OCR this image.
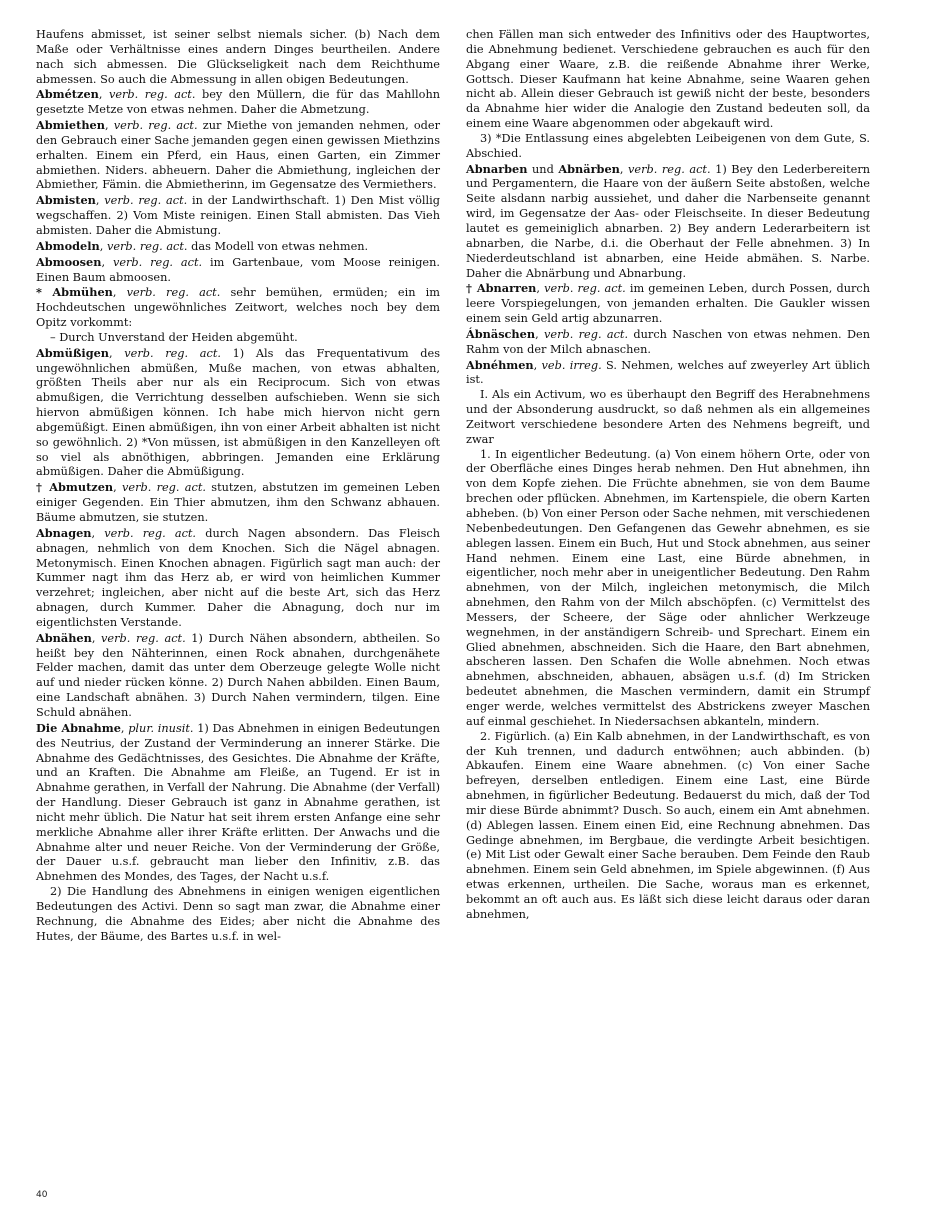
Haufens abmisset, ist seiner selbst niemals sicher. (b) Nach dem Maße oder Verhältnisse eines andern Dinges beurtheilen. Andere nach sich abmessen. Die Glückseligkeit nach dem Reichthume abmessen. So auch die Abmessung in allen obigen Bedeutungen.

Abmétzen, verb. reg. act. bey den Müllern, die für das Mahllohn gesetzte Metze von etwas nehmen. Daher die Abmetzung.

Abmiethen, verb. reg. act. zur Miethe von jemanden nehmen, oder den Gebrauch einer Sache jemanden gegen einen gewissen Miethzins erhalten. Einem ein Pferd, ein Haus, einen Garten, ein Zimmer abmiethen. Niders. abheuern. Daher die Abmiethung, ingleichen der Abmiether, Fämin. die Abmietherinn, im Gegensatze des Vermiethers.

Abmisten, verb. reg. act. in der Landwirthschaft. 1) Den Mist völlig wegschaffen. 2) Vom Miste reinigen. Einen Stall abmisten. Das Vieh abmisten. Daher die Abmistung.

Abmodeln, verb. reg. act. das Modell von etwas nehmen.

Abmoosen, verb. reg. act. im Gartenbaue, vom Moose reinigen. Einen Baum abmoosen.

* Abmühen, verb. reg. act. sehr bemühen, ermüden; ein im Hochdeutschen ungewöhnliches Zeitwort, welches noch bey dem Opitz vorkommt:

– Durch Unverstand der Heiden abgemüht.

Abmüßigen, verb. reg. act. 1) Als das Frequentativum des ungewöhnlichen abmüßen, Muße machen, von etwas abhalten, größten Theils aber nur als ein Reciprocum. Sich von etwas abmußigen, die Verrichtung desselben aufschieben. Wenn sie sich hiervon abmüßigen können. Ich habe mich hiervon nicht gern abgemüßigt. Einen abmüßigen, ihn von einer Arbeit abhalten ist nicht so gewöhnlich. 2) *Von müssen, ist abmüßigen in den Kanzelleyen oft so viel als abnöthigen, abbringen. Jemanden eine Erklärung abmüßigen. Daher die Abmüßigung.

† Abmutzen, verb. reg. act. stutzen, abstutzen im gemeinen Leben einiger Gegenden. Ein Thier abmutzen, ihm den Schwanz abhauen. Bäume abmutzen, sie stutzen.

Abnagen, verb. reg. act. durch Nagen absondern. Das Fleisch abnagen, nehmlich von dem Knochen. Sich die Nägel abnagen. Metonymisch. Einen Knochen abnagen. Figürlich sagt man auch: der Kummer nagt ihm das Herz ab, er wird von heimlichen Kummer verzehret; ingleichen, aber nicht auf die beste Art, sich das Herz abnagen, durch Kummer. Daher die Abnagung, doch nur im eigentlichsten Verstande.

Abnähen, verb. reg. act. 1) Durch Nähen absondern, abtheilen. So heißt bey den Nähterinnen, einen Rock abnahen, durchgenähete Felder machen, damit das unter dem Oberzeuge gelegte Wolle nicht auf und nieder rücken könne. 2) Durch Nahen abbilden. Einen Baum, eine Landschaft abnähen. 3) Durch Nahen vermindern, tilgen. Eine Schuld abnähen.

Die Abnahme, plur. inusit. 1) Das Abnehmen in einigen Bedeutungen des Neutrius, der Zustand der Verminderung an innerer Stärke. Die Abnahme des Gedächtnisses, des Gesichtes. Die Abnahme der Kräfte, und an Kraften. Die Abnahme am Fleiße, an Tugend. Er ist in Abnahme gerathen, in Verfall der Nahrung. Die Abnahme (der Verfall) der Handlung. Dieser Gebrauch ist ganz in Abnahme gerathen, ist nicht mehr üblich. Die Natur hat seit ihrem ersten Anfange eine sehr merkliche Abnahme aller ihrer Kräfte erlitten. Der Anwachs und die Abnahme alter und neuer Reiche. Von der Verminderung der Größe, der Dauer u.s.f. gebraucht man lieber den Infinitiv, z.B. das Abnehmen des Mondes, des Tages, der Nacht u.s.f.

2) Die Handlung des Abnehmens in einigen wenigen eigentlichen Bedeutungen des Activi. Denn so sagt man zwar, die Abnahme einer Rechnung, die Abnahme des Eides; aber nicht die Abnahme des Hutes, der Bäume, des Bartes u.s.f. in wel-

chen Fällen man sich entweder des Infinitivs oder des Hauptwortes, die Abnehmung bedienet. Verschiedene gebrauchen es auch für den Abgang einer Waare, z.B. die reißende Abnahme ihrer Werke, Gottsch. Dieser Kaufmann hat keine Abnahme, seine Waaren gehen nicht ab. Allein dieser Gebrauch ist gewiß nicht der beste, besonders da Abnahme hier wider die Analogie den Zustand bedeuten soll, da einem eine Waare abgenommen oder abgekauft wird.

3) *Die Entlassung eines abgelebten Leibeigenen von dem Gute, S. Abschied.

Abnarben und Abnärben, verb. reg. act. 1) Bey den Lederbereitern und Pergamentern, die Haare von der äußern Seite abstoßen, welche Seite alsdann narbig aussiehet, und daher die Narbenseite genannt wird, im Gegensatze der Aas- oder Fleischseite. In dieser Bedeutung lautet es gemeiniglich abnarben. 2) Bey andern Lederarbeitern ist abnarben, die Narbe, d.i. die Oberhaut der Felle abnehmen. 3) In Niederdeutschland ist abnarben, eine Heide abmähen. S. Narbe. Daher die Abnärbung und Abnarbung.

† Abnarren, verb. reg. act. im gemeinen Leben, durch Possen, durch leere Vorspiegelungen, von jemanden erhalten. Die Gaukler wissen einem sein Geld artig abzunarren.

Ábnäschen, verb. reg. act. durch Naschen von etwas nehmen. Den Rahm von der Milch abnaschen.

Abnéhmen, veb. irreg. S. Nehmen, welches auf zweyerley Art üblich ist.

I. Als ein Activum, wo es überhaupt den Begriff des Herabnehmens und der Absonderung ausdruckt, so daß nehmen als ein allgemeines Zeitwort verschiedene besondere Arten des Nehmens begreift, und zwar

1. In eigentlicher Bedeutung. (a) Von einem höhern Orte, oder von der Oberfläche eines Dinges herab nehmen. Den Hut abnehmen, ihn von dem Kopfe ziehen. Die Früchte abnehmen, sie von dem Baume brechen oder pflücken. Abnehmen, im Kartenspiele, die obern Karten abheben. (b) Von einer Person oder Sache nehmen, mit verschiedenen Nebenbedeutungen. Den Gefangenen das Gewehr abnehmen, es sie ablegen lassen. Einem ein Buch, Hut und Stock abnehmen, aus seiner Hand nehmen. Einem eine Last, eine Bürde abnehmen, in eigentlicher, noch mehr aber in uneigentlicher Bedeutung. Den Rahm abnehmen, von der Milch, ingleichen metonymisch, die Milch abnehmen, den Rahm von der Milch abschöpfen. (c) Vermittelst des Messers, der Scheere, der Säge oder ahnlicher Werkzeuge wegnehmen, in der anständigern Schreib- und Sprechart. Einem ein Glied abnehmen, abschneiden. Sich die Haare, den Bart abnehmen, abscheren lassen. Den Schafen die Wolle abnehmen. Noch etwas abnehmen, abschneiden, abhauen, absägen u.s.f. (d) Im Stricken bedeutet abnehmen, die Maschen vermindern, damit ein Strumpf enger werde, welches vermittelst des Abstrickens zweyer Maschen auf einmal geschiehet. In Niedersachsen abkanteln, mindern.

2. Figürlich. (a) Ein Kalb abnehmen, in der Landwirthschaft, es von der Kuh trennen, und dadurch entwöhnen; auch abbinden. (b) Abkaufen. Einem eine Waare abnehmen. (c) Von einer Sache befreyen, derselben entledigen. Einem eine Last, eine Bürde abnehmen, in figürlicher Bedeutung. Bedauerst du mich, daß der Tod mir diese Bürde abnimmt? Dusch. So auch, einem ein Amt abnehmen. (d) Ablegen lassen. Einem einen Eid, eine Rechnung abnehmen. Das Gedinge abnehmen, im Bergbaue, die verdingte Arbeit besichtigen. (e) Mit List oder Gewalt einer Sache berauben. Dem Feinde den Raub abnehmen. Einem sein Geld abnehmen, im Spiele abgewinnen. (f) Aus etwas erkennen, urtheilen. Die Sache, woraus man es erkennet, bekommt an oft auch aus. Es läßt sich diese leicht daraus oder daran abnehmen,

40
